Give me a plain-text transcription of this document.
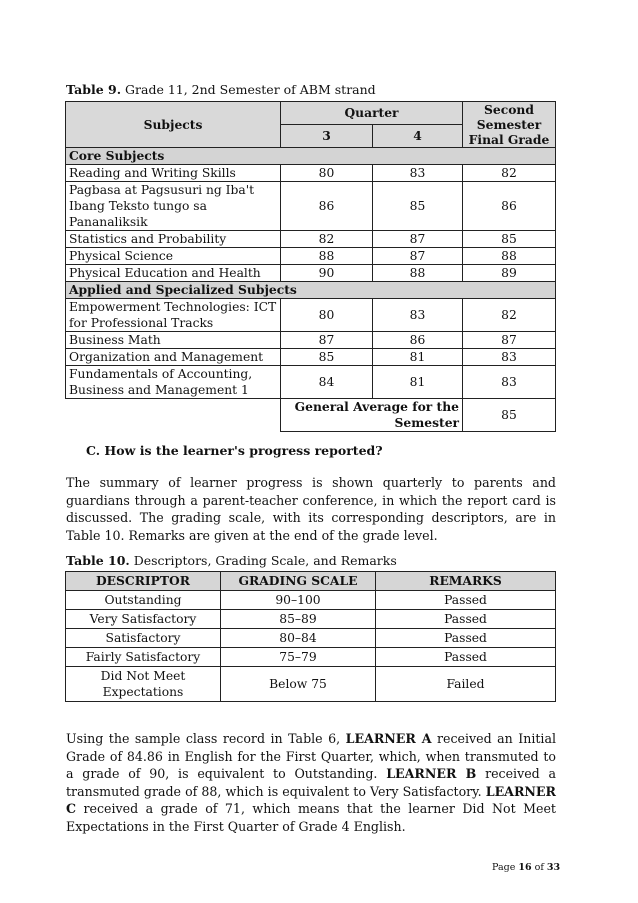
Table 9. Grade 11, 2nd Semester of ABM strand
Subjects	Quarter		Second Semester Final Grade
	3	4	
Core Subjects			
Reading and Writing Skills	80	83	82
Pagbasa at Pagsusuri ng Iba't Ibang Teksto tungo sa Pananaliksik	86	85	86
Statistics and Probability	82	87	85
Physical Science	88	87	88
Physical Education and Health	90	88	89
Applied and Specialized Subjects			
Empowerment Technologies: ICT for Professional Tracks	80	83	82
Business Math	87	86	87
Organization and Management	85	81	83
Fundamentals of Accounting, Business and Management 1	84	81	83
	General Average for the Semester		85
C. How is the learner's progress reported?
The summary of learner progress is shown quarterly to parents and guardians through a parent-teacher conference, in which the report card is discussed. The grading scale, with its corresponding descriptors, are in Table 10. Remarks are given at the end of the grade level.
Table 10. Descriptors, Grading Scale, and Remarks
DESCRIPTOR	GRADING SCALE	REMARKS
Outstanding	90–100	Passed
Very Satisfactory	85–89	Passed
Satisfactory	80–84	Passed
Fairly Satisfactory	75–79	Passed
Did Not Meet Expectations	Below 75	Failed
Using the sample class record in Table 6, LEARNER A received an Initial Grade of 84.86 in English for the First Quarter, which, when transmuted to a grade of 90, is equivalent to Outstanding. LEARNER B received a transmuted grade of 88, which is equivalent to Very Satisfactory. LEARNER C received a grade of 71, which means that the learner Did Not Meet Expectations in the First Quarter of Grade 4 English.
Page 16 of 33
